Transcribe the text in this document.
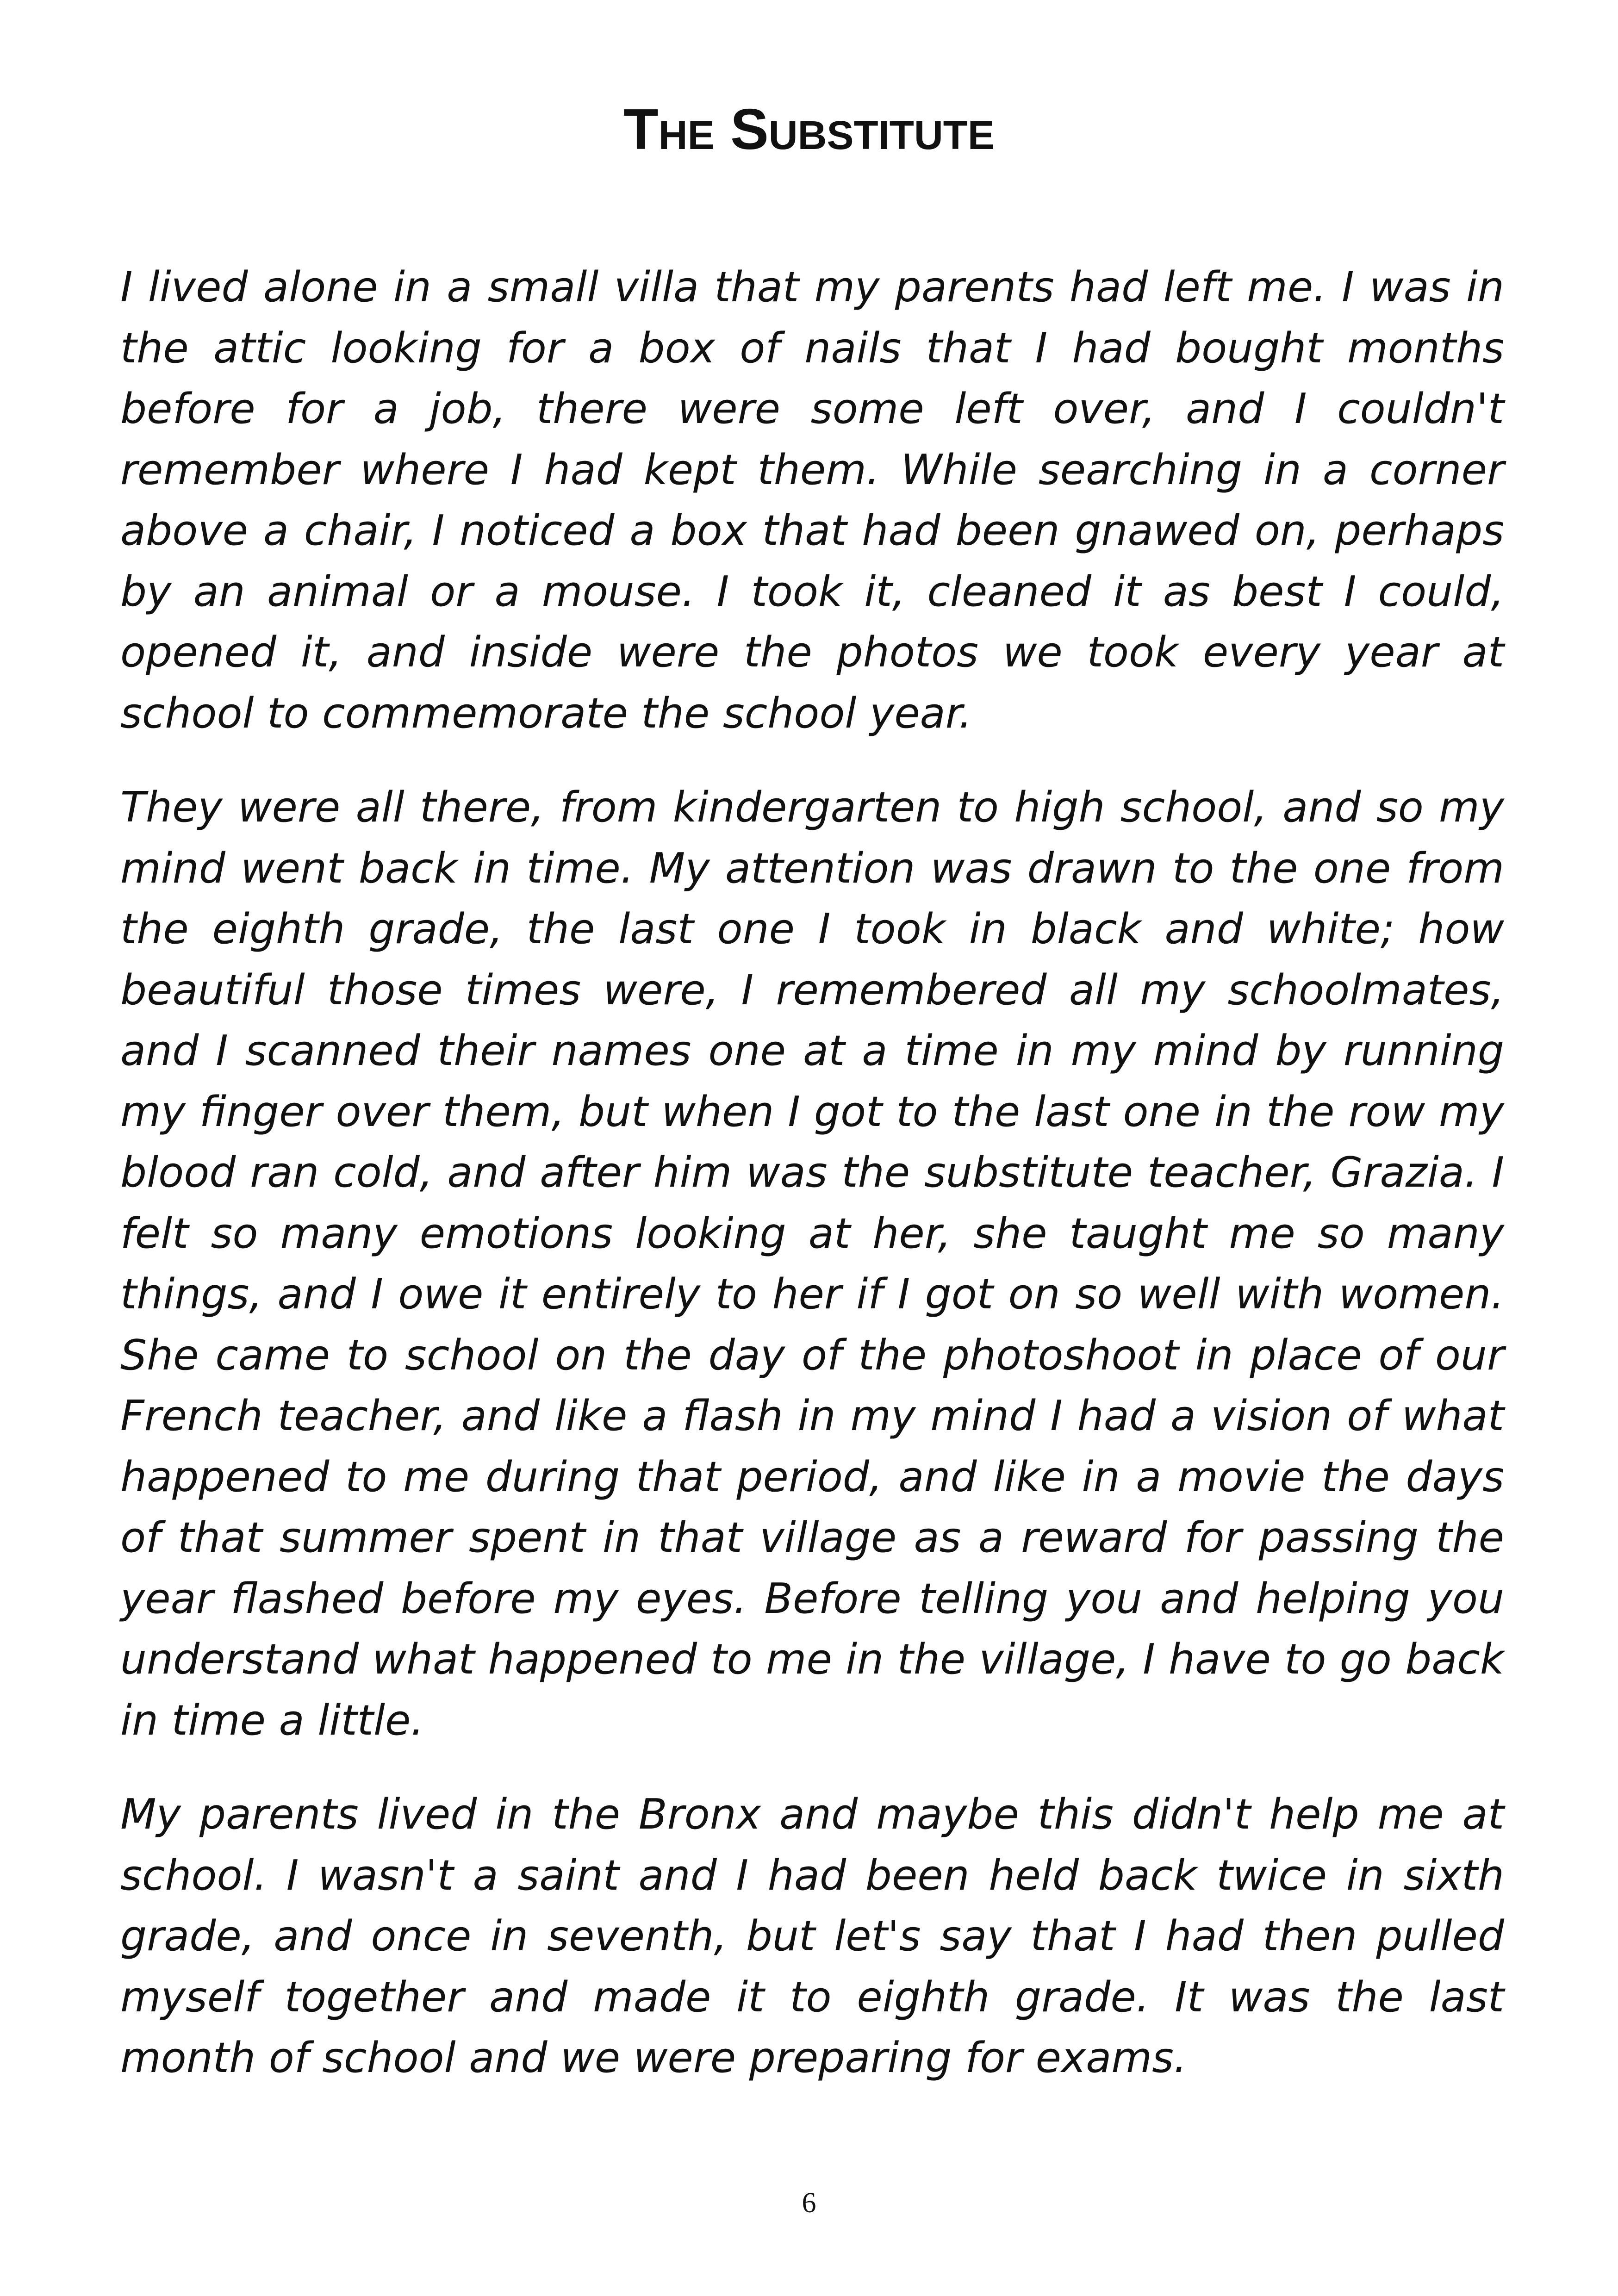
The Substitute

I lived alone in a small villa that my parents had left me. I was in the attic looking for a box of nails that I had bought months before for a job, there were some left over, and I couldn't remember where I had kept them. While searching in a corner above a chair, I noticed a box that had been gnawed on, perhaps by an animal or a mouse. I took it, cleaned it as best I could, opened it, and inside were the photos we took every year at school to commemorate the school year.

They were all there, from kindergarten to high school, and so my mind went back in time. My attention was drawn to the one from the eighth grade, the last one I took in black and white; how beautiful those times were, I remembered all my schoolmates, and I scanned their names one at a time in my mind by running my finger over them, but when I got to the last one in the row my blood ran cold, and after him was the substitute teacher, Grazia. I felt so many emotions looking at her, she taught me so many things, and I owe it entirely to her if I got on so well with women. She came to school on the day of the photoshoot in place of our French teacher, and like a flash in my mind I had a vision of what happened to me during that period, and like in a movie the days of that summer spent in that village as a reward for passing the year flashed before my eyes. Before telling you and helping you understand what happened to me in the village, I have to go back in time a little.

My parents lived in the Bronx and maybe this didn't help me at school. I wasn't a saint and I had been held back twice in sixth grade, and once in seventh, but let's say that I had then pulled myself together and made it to eighth grade. It was the last month of school and we were preparing for exams.

6
